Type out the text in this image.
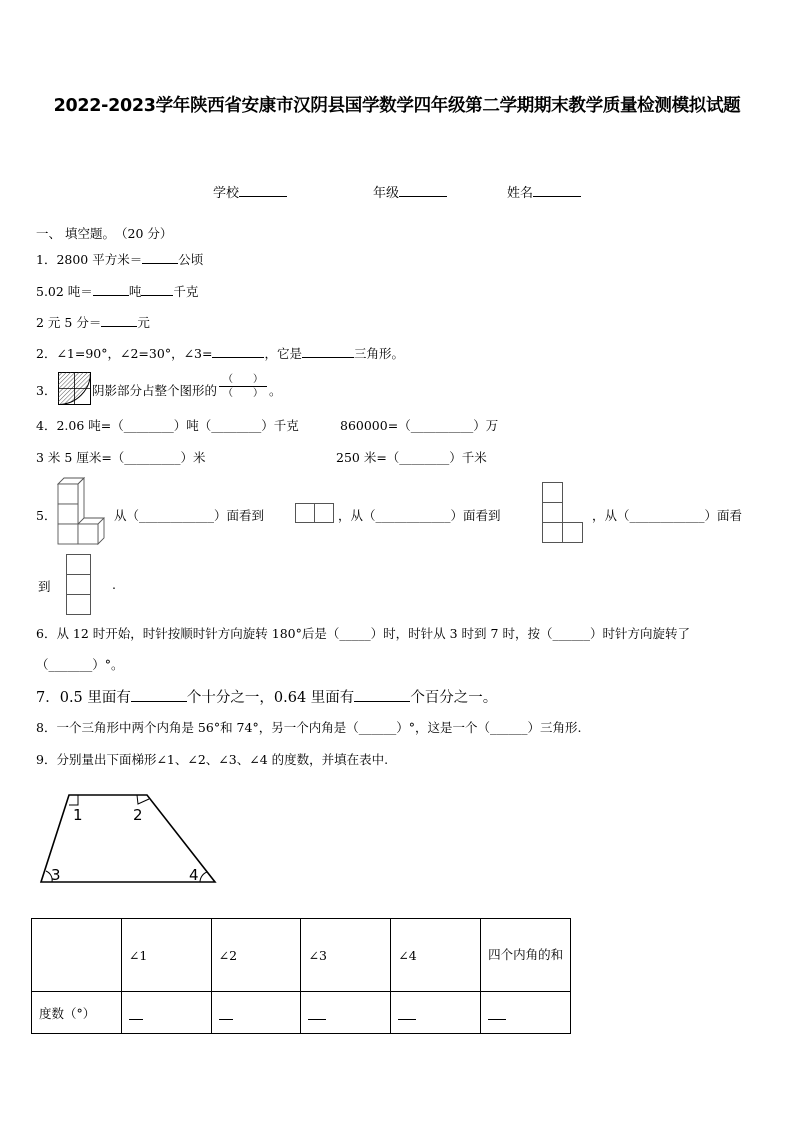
2022-2023学年陕西省安康市汉阴县国学数学四年级第二学期期末教学质量检测模拟试题
学校	年级	姓名
一、 填空题。　 （20 分）
1．2800 平方米＝	公顷
5.02 吨＝	吨	千克
2 元 5 分＝	元
2．∠1=90°，∠2=30°，∠3=	，它是	三角形。
3．	阴影部分占整个图形的 $\frac{( )}{( )}$ 。
4．2.06 吨=（________）吨（________）千克	860000=（__________）万
3 米 5 厘米=（_________）米	250 米=（________）千米
5．	从（____________）面看到	，从（____________）面看到	，从（____________）面看
到	.
6．从 12 时开始，时针按顺时针方向旋转 180°后是（_____）时，时针从 3 时到 7 时，按（______）时针方向旋转了
（_______）°。
7．0.5 里面有	个十分之一，0.64 里面有	个百分之一。
8．一个三角形中两个内角是 56°和 74°，另一个内角是（______）°，这是一个（______）三角形.
9．分别量出下面梯形∠1、∠2、∠3、∠4 的度数，并填在表中.
1	2
3	4
	∠1	∠2	∠3	∠4	四个内角的和
度数（°）					
